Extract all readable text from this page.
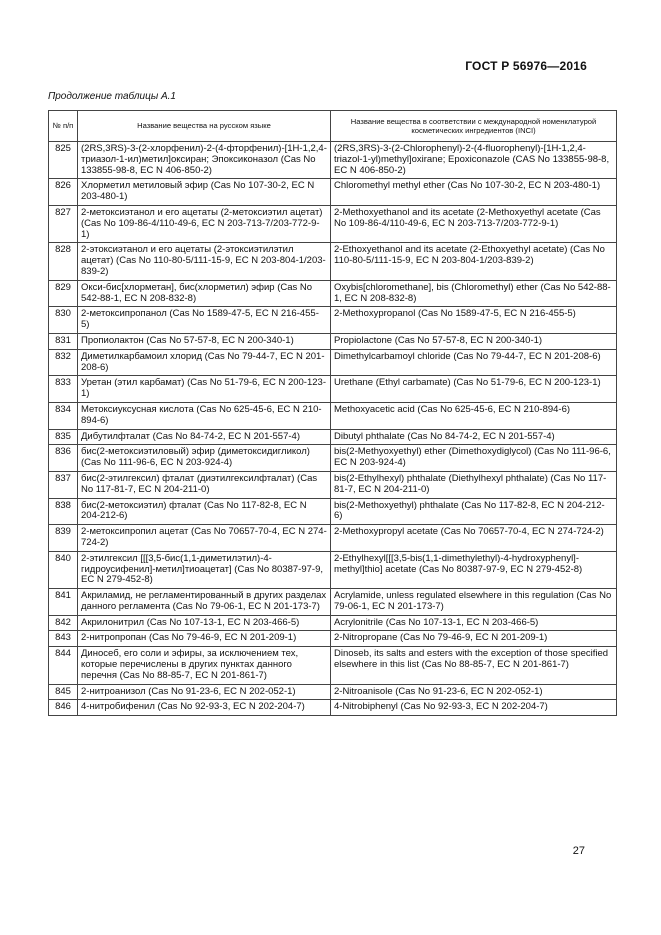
ГОСТ Р 56976—2016
Продолжение таблицы А.1
№ п/п	Название вещества на русском языке	Название вещества в соответствии с международной номенклатурой косметических ингредиентов (INCI)
825	(2RS,3RS)-3-(2-хлорфенил)-2-(4-фторфенил)-[1Н-1,2,4-триазол-1-ил)метил]оксиран; Эпоксиконазол (Cas No 133855-98-8, EC N 406-850-2)	(2RS,3RS)-3-(2-Chlorophenyl)-2-(4-fluorophenyl)-[1H-1,2,4-triazol-1-yl)methyl]oxirane; Epoxiconazole (CAS No 133855-98-8, EC N 406-850-2)
826	Хлорметил метиловый эфир (Cas No 107-30-2, EC N 203-480-1)	Chloromethyl methyl ether (Cas No 107-30-2, EC N 203-480-1)
827	2-метоксиэтанол и его ацетаты (2-метоксиэтил ацетат) (Cas No 109-86-4/110-49-6, EC N 203-713-7/203-772-9-1)	2-Methoxyethanol and its acetate (2-Methoxyethyl acetate (Cas No 109-86-4/110-49-6, EC N 203-713-7/203-772-9-1)
828	2-этоксиэтанол и его ацетаты (2-этоксиэтилэтил ацетат) (Cas No 110-80-5/111-15-9, EC N 203-804-1/203-839-2)	2-Ethoxyethanol and its acetate (2-Ethoxyethyl acetate) (Cas No 110-80-5/111-15-9, EC N 203-804-1/203-839-2)
829	Окси-бис[хлорметан], бис(хлорметил) эфир (Cas No 542-88-1, EC N 208-832-8)	Oxybis[chloromethane], bis (Chloromethyl) ether (Cas No 542-88-1, EC N 208-832-8)
830	2-метоксипропанол (Cas No 1589-47-5, EC N 216-455-5)	2-Methoxypropanol (Cas No 1589-47-5, EC N 216-455-5)
831	Пропиолактон (Cas No 57-57-8, EC N 200-340-1)	Propiolactone (Cas No 57-57-8, EC N 200-340-1)
832	Диметилкарбамоил хлорид (Cas No 79-44-7, EC N 201-208-6)	Dimethylcarbamoyl chloride (Cas No 79-44-7, EC N 201-208-6)
833	Уретан (этил карбамат) (Cas No 51-79-6, EC N 200-123-1)	Urethane (Ethyl carbamate) (Cas No 51-79-6, EC N 200-123-1)
834	Метоксиуксусная кислота (Cas No 625-45-6, EC N 210-894-6)	Methoxyacetic acid (Cas No 625-45-6, EC N 210-894-6)
835	Дибутилфталат (Cas No 84-74-2, EC N 201-557-4)	Dibutyl phthalate (Cas No 84-74-2, EC N 201-557-4)
836	бис(2-метоксиэтиловый) эфир (диметоксидигликол) (Cas No 111-96-6, EC N 203-924-4)	bis(2-Methyoxyethyl) ether (Dimethoxydiglycol) (Cas No 111-96-6, EC N 203-924-4)
837	бис(2-этилгексил) фталат (диэтилгексилфталат) (Cas No 117-81-7, EC N 204-211-0)	bis(2-Ethylhexyl) phthalate (Diethylhexyl phthalate) (Cas No 117-81-7, EC N 204-211-0)
838	бис(2-метоксиэтил) фталат (Cas No 117-82-8, EC N 204-212-6)	bis(2-Methoxyethyl) phthalate (Cas No 117-82-8, EC N 204-212-6)
839	2-метоксипропил ацетат (Cas No 70657-70-4, EC N 274-724-2)	2-Methoxypropyl acetate (Cas No 70657-70-4, EC N 274-724-2)
840	2-этилгексил [[[3,5-бис(1,1-диметилэтил)-4-гидроусифенил]-метил]тиоацетат] (Cas No 80387-97-9, EC N 279-452-8)	2-Ethylhexyl[[[3,5-bis(1,1-dimethylethyl)-4-hydroxyphenyl]-methyl]thio] acetate (Cas No 80387-97-9, EC N 279-452-8)
841	Акриламид, не регламентированный в других разделах данного регламента (Cas No 79-06-1, EC N 201-173-7)	Acrylamide, unless regulated elsewhere in this regulation (Cas No 79-06-1, EC N 201-173-7)
842	Акрилонитрил (Cas No 107-13-1, EC N 203-466-5)	Acrylonitrile (Cas No 107-13-1, EC N 203-466-5)
843	2-нитропропан (Cas No 79-46-9, EC N 201-209-1)	2-Nitropropane (Cas No 79-46-9, EC N 201-209-1)
844	Диносеб, его соли и эфиры, за исключением тех, которые перечислены в других пунктах данного перечня (Cas No 88-85-7, EC N 201-861-7)	Dinoseb, its salts and esters with the exception of those specified elsewhere in this list (Cas No 88-85-7, EC N 201-861-7)
845	2-нитроанизол (Cas No 91-23-6, EC N 202-052-1)	2-Nitroanisole (Cas No 91-23-6, EC N 202-052-1)
846	4-нитробифенил (Cas No 92-93-3, EC N 202-204-7)	4-Nitrobiphenyl (Cas No 92-93-3, EC N 202-204-7)
27
